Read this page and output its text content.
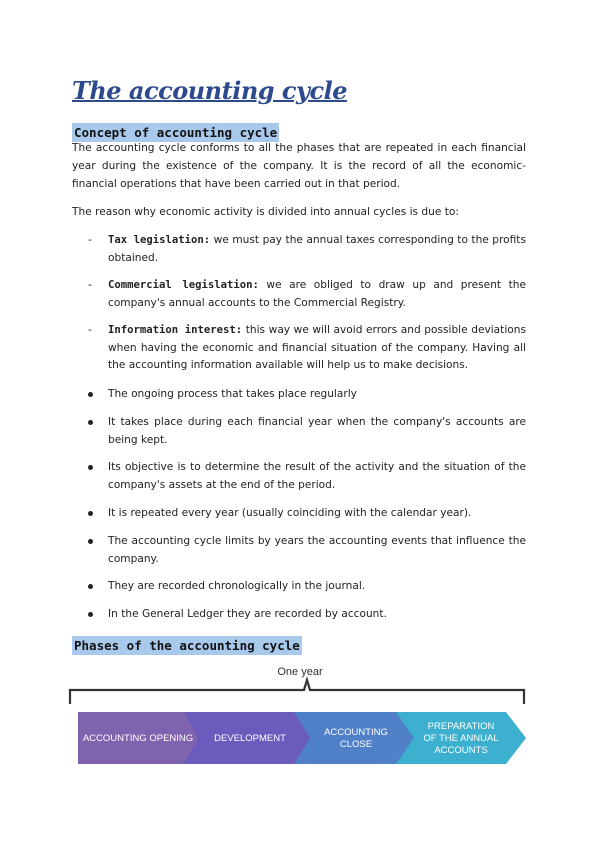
The accounting cycle
Concept of accounting cycle

The accounting cycle conforms to all the phases that are repeated in each financial year during the existence of the company. It is the record of all the economic-financial operations that have been carried out in that period.

The reason why economic activity is divided into annual cycles is due to:

- Tax legislation: we must pay the annual taxes corresponding to the profits obtained.
- Commercial legislation: we are obliged to draw up and present the company's annual accounts to the Commercial Registry.
- Information interest: this way we will avoid errors and possible deviations when having the economic and financial situation of the company. Having all the accounting information available will help us to make decisions.
The ongoing process that takes place regularly
It takes place during each financial year when the company's accounts are being kept.
Its objective is to determine the result of the activity and the situation of the company's assets at the end of the period.
It is repeated every year (usually coinciding with the calendar year).
The accounting cycle limits by years the accounting events that influence the company.
They are recorded chronologically in the journal.
In the General Ledger they are recorded by account.
Phases of the accounting cycle
One year
ACCOUNTING OPENING DEVELOPMENT
ACCOUNTING CLOSE
PREPARATION OF THE ANNUAL ACCOUNTS
